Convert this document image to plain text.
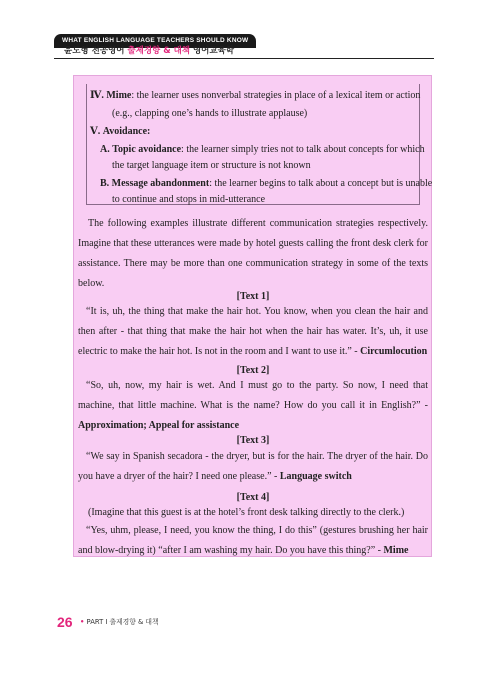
WHAT ENGLISH LANGUAGE TEACHERS SHOULD KNOW
윤도형 전공영어 출제경향 & 대책 영어교육학
Ⅳ. Mime: the learner uses nonverbal strategies in place of a lexical item or action
(e.g., clapping one’s hands to illustrate applause)
Ⅴ. Avoidance:
A. Topic avoidance: the learner simply tries not to talk about concepts for which
the target language item or structure is not known
B. Message abandonment: the learner begins to talk about a concept but is unable
to continue and stops in mid-utterance
The following examples illustrate different communication strategies respectively. Imagine that these utterances were made by hotel guests calling the front desk clerk for assistance. There may be more than one communication strategy in some of the texts below.
[Text 1]
“It is, uh, the thing that make the hair hot. You know, when you clean the hair and then after - that thing that make the hair hot when the hair has water. It’s, uh, it use electric to make the hair hot. Is not in the room and I want to use it.” - Circumlocution
[Text 2]
“So, uh, now, my hair is wet. And I must go to the party. So now, I need that machine, that little machine. What is the name? How do you call it in English?” - Approximation; Appeal for assistance
[Text 3]
“We say in Spanish secadora - the dryer, but is for the hair. The dryer of the hair. Do you have a dryer of the hair? I need one please.” - Language switch
[Text 4]
(Imagine that this guest is at the hotel’s front desk talking directly to the clerk.)
“Yes, uhm, please, I need, you know the thing, I do this” (gestures brushing her hair and blow-drying it) “after I am washing my hair. Do you have this thing?” - Mime
26 • PART Ⅰ 출제경향 & 대책
